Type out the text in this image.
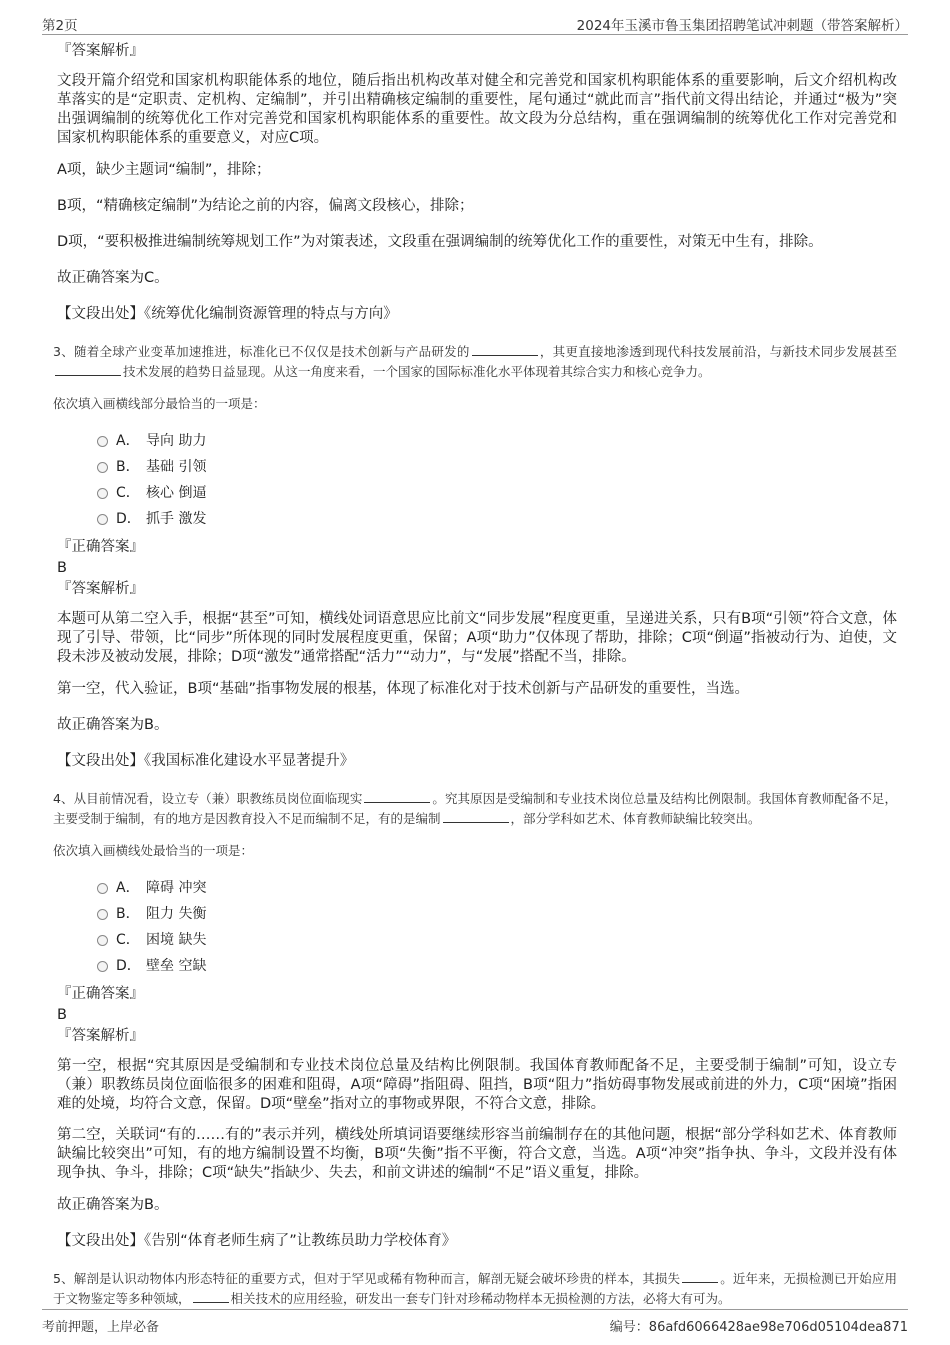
第2页	2024年玉溪市鲁玉集团招聘笔试冲刺题（带答案解析）

『答案解析』

文段开篇介绍党和国家机构职能体系的地位，随后指出机构改革对健全和完善党和国家机构职能体系的重要影响，后文介绍机构改革落实的是“定职责、定机构、定编制”，并引出精确核定编制的重要性，尾句通过“就此而言”指代前文得出结论，并通过“极为”突出强调编制的统筹优化工作对完善党和国家机构职能体系的重要性。故文段为分总结构，重在强调编制的统筹优化工作对完善党和国家机构职能体系的重要意义，对应C项。

A项，缺少主题词“编制”，排除；

B项，“精确核定编制”为结论之前的内容，偏离文段核心，排除；

D项，“要积极推进编制统筹规划工作”为对策表述，文段重在强调编制的统筹优化工作的重要性，对策无中生有，排除。

故正确答案为C。

【文段出处】《统筹优化编制资源管理的特点与方向》

3、随着全球产业变革加速推进，标准化已不仅仅是技术创新与产品研发的	，其更直接地渗透到现代科技发展前沿，与新技术同步发展甚至技术发展的趋势日益显现。从这一角度来看，一个国家的国际标准化水平体现着其综合实力和核心竞争力。

依次填入画横线部分最恰当的一项是：

A． 导向 助力
B． 基础 引领
C． 核心 倒逼
D． 抓手 激发

『正确答案』

B

『答案解析』

本题可从第二空入手，根据“甚至”可知，横线处词语意思应比前文“同步发展”程度更重，呈递进关系，只有B项“引领”符合文意，体现了引导、带领，比“同步”所体现的同时发展程度更重，保留；A项“助力”仅体现了帮助，排除；C项“倒逼”指被动行为、迫使，文段未涉及被动发展，排除；D项“激发”通常搭配“活力”“动力”，与“发展”搭配不当，排除。

第一空，代入验证，B项“基础”指事物发展的根基，体现了标准化对于技术创新与产品研发的重要性，当选。

故正确答案为B。

【文段出处】《我国标准化建设水平显著提升》

4、从目前情况看，设立专（兼）职教练员岗位面临现实	。究其原因是受编制和专业技术岗位总量及结构比例限制。我国体育教师配备不足，主要受制于编制，有的地方是因教育投入不足而编制不足，有的是编制	，部分学科如艺术、体育教师缺编比较突出。

依次填入画横线处最恰当的一项是：

A． 障碍 冲突
B． 阻力 失衡
C． 困境 缺失
D． 壁垒 空缺

『正确答案』

B

『答案解析』

第一空，根据“究其原因是受编制和专业技术岗位总量及结构比例限制。我国体育教师配备不足，主要受制于编制”可知，设立专（兼）职教练员岗位面临很多的困难和阻碍，A项“障碍”指阻碍、阻挡，B项“阻力”指妨碍事物发展或前进的外力，C项“困境”指困难的处境，均符合文意，保留。D项“壁垒”指对立的事物或界限，不符合文意，排除。

第二空，关联词“有的……有的”表示并列，横线处所填词语要继续形容当前编制存在的其他问题，根据“部分学科如艺术、体育教师缺编比较突出”可知，有的地方编制设置不均衡，B项“失衡”指不平衡，符合文意，当选。A项“冲突”指争执、争斗，文段并没有体现争执、争斗，排除；C项“缺失”指缺少、失去，和前文讲述的编制“不足”语义重复，排除。

故正确答案为B。

【文段出处】《告别“体育老师生病了”让教练员助力学校体育》

5、解剖是认识动物体内形态特征的重要方式，但对于罕见或稀有物种而言，解剖无疑会破坏珍贵的样本，其损失	。近年来，无损检测已开始应用于文物鉴定等多种领域，	相关技术的应用经验，研发出一套专门针对珍稀动物样本无损检测的方法，必将大有可为。

考前押题，上岸必备	编号：86afd6066428ae98e706d05104dea871
